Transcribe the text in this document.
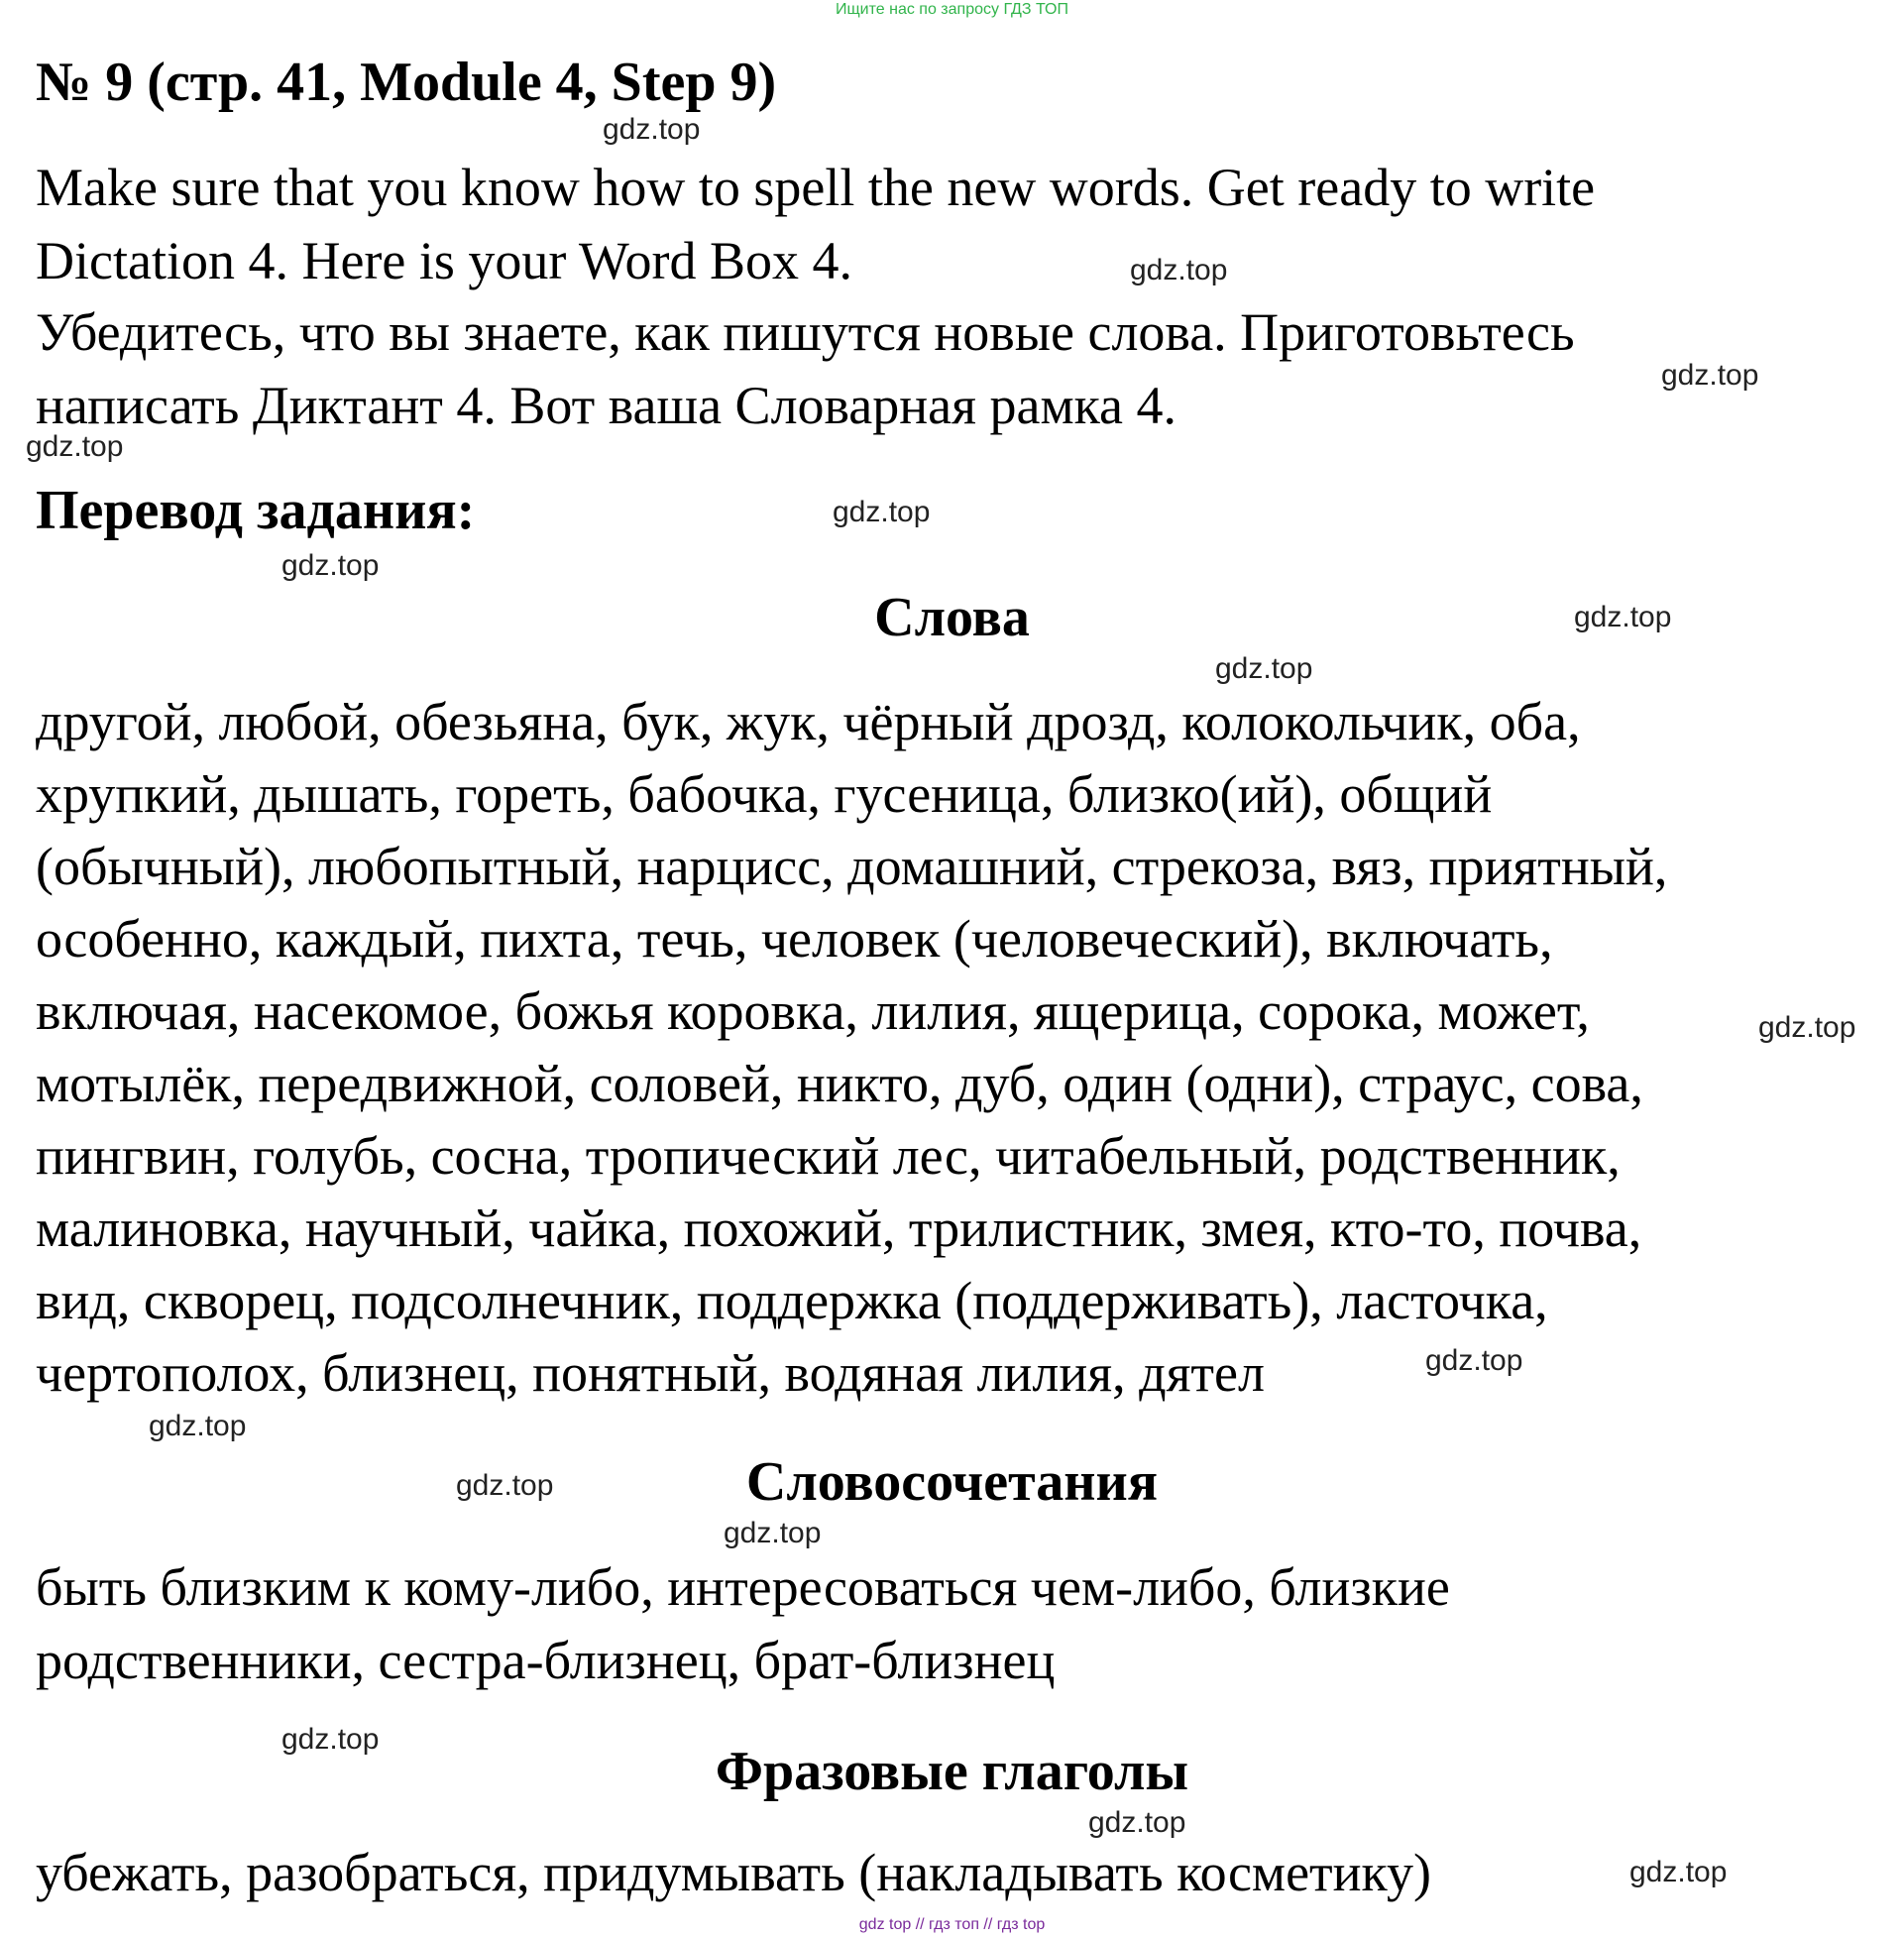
Ищите нас по запросу ГДЗ ТОП
№ 9 (стр. 41, Module 4, Step 9)
Make sure that you know how to spell the new words. Get ready to write
Dictation 4. Here is your Word Box 4.
Убедитесь, что вы знаете, как пишутся новые слова. Приготовьтесь
написать Диктант 4. Вот ваша Словарная рамка 4.
Перевод задания:
Слова
другой, любой, обезьяна, бук, жук, чёрный дрозд, колокольчик, оба,
хрупкий, дышать, гореть, бабочка, гусеница, близко(ий), общий
(обычный), любопытный, нарцисс, домашний, стрекоза, вяз, приятный,
особенно, каждый, пихта, течь, человек (человеческий), включать,
включая, насекомое, божья коровка, лилия, ящерица, сорока, может,
мотылёк, передвижной, соловей, никто, дуб, один (одни), страус, сова,
пингвин, голубь, сосна, тропический лес, читабельный, родственник,
малиновка, научный, чайка, похожий, трилистник, змея, кто-то, почва,
вид, скворец, подсолнечник, поддержка (поддерживать), ласточка,
чертополох, близнец, понятный, водяная лилия, дятел
Словосочетания
быть близким к кому-либо, интересоваться чем-либо, близкие
родственники, сестра-близнец, брат-близнец
Фразовые глаголы
убежать, разобраться, придумывать (накладывать косметику)
gdz.top
gdz.top
gdz.top
gdz.top
gdz.top
gdz.top
gdz.top
gdz.top
gdz.top
gdz.top
gdz.top
gdz.top
gdz.top
gdz.top
gdz.top
gdz.top
gdz top // гдз топ // гдз top
